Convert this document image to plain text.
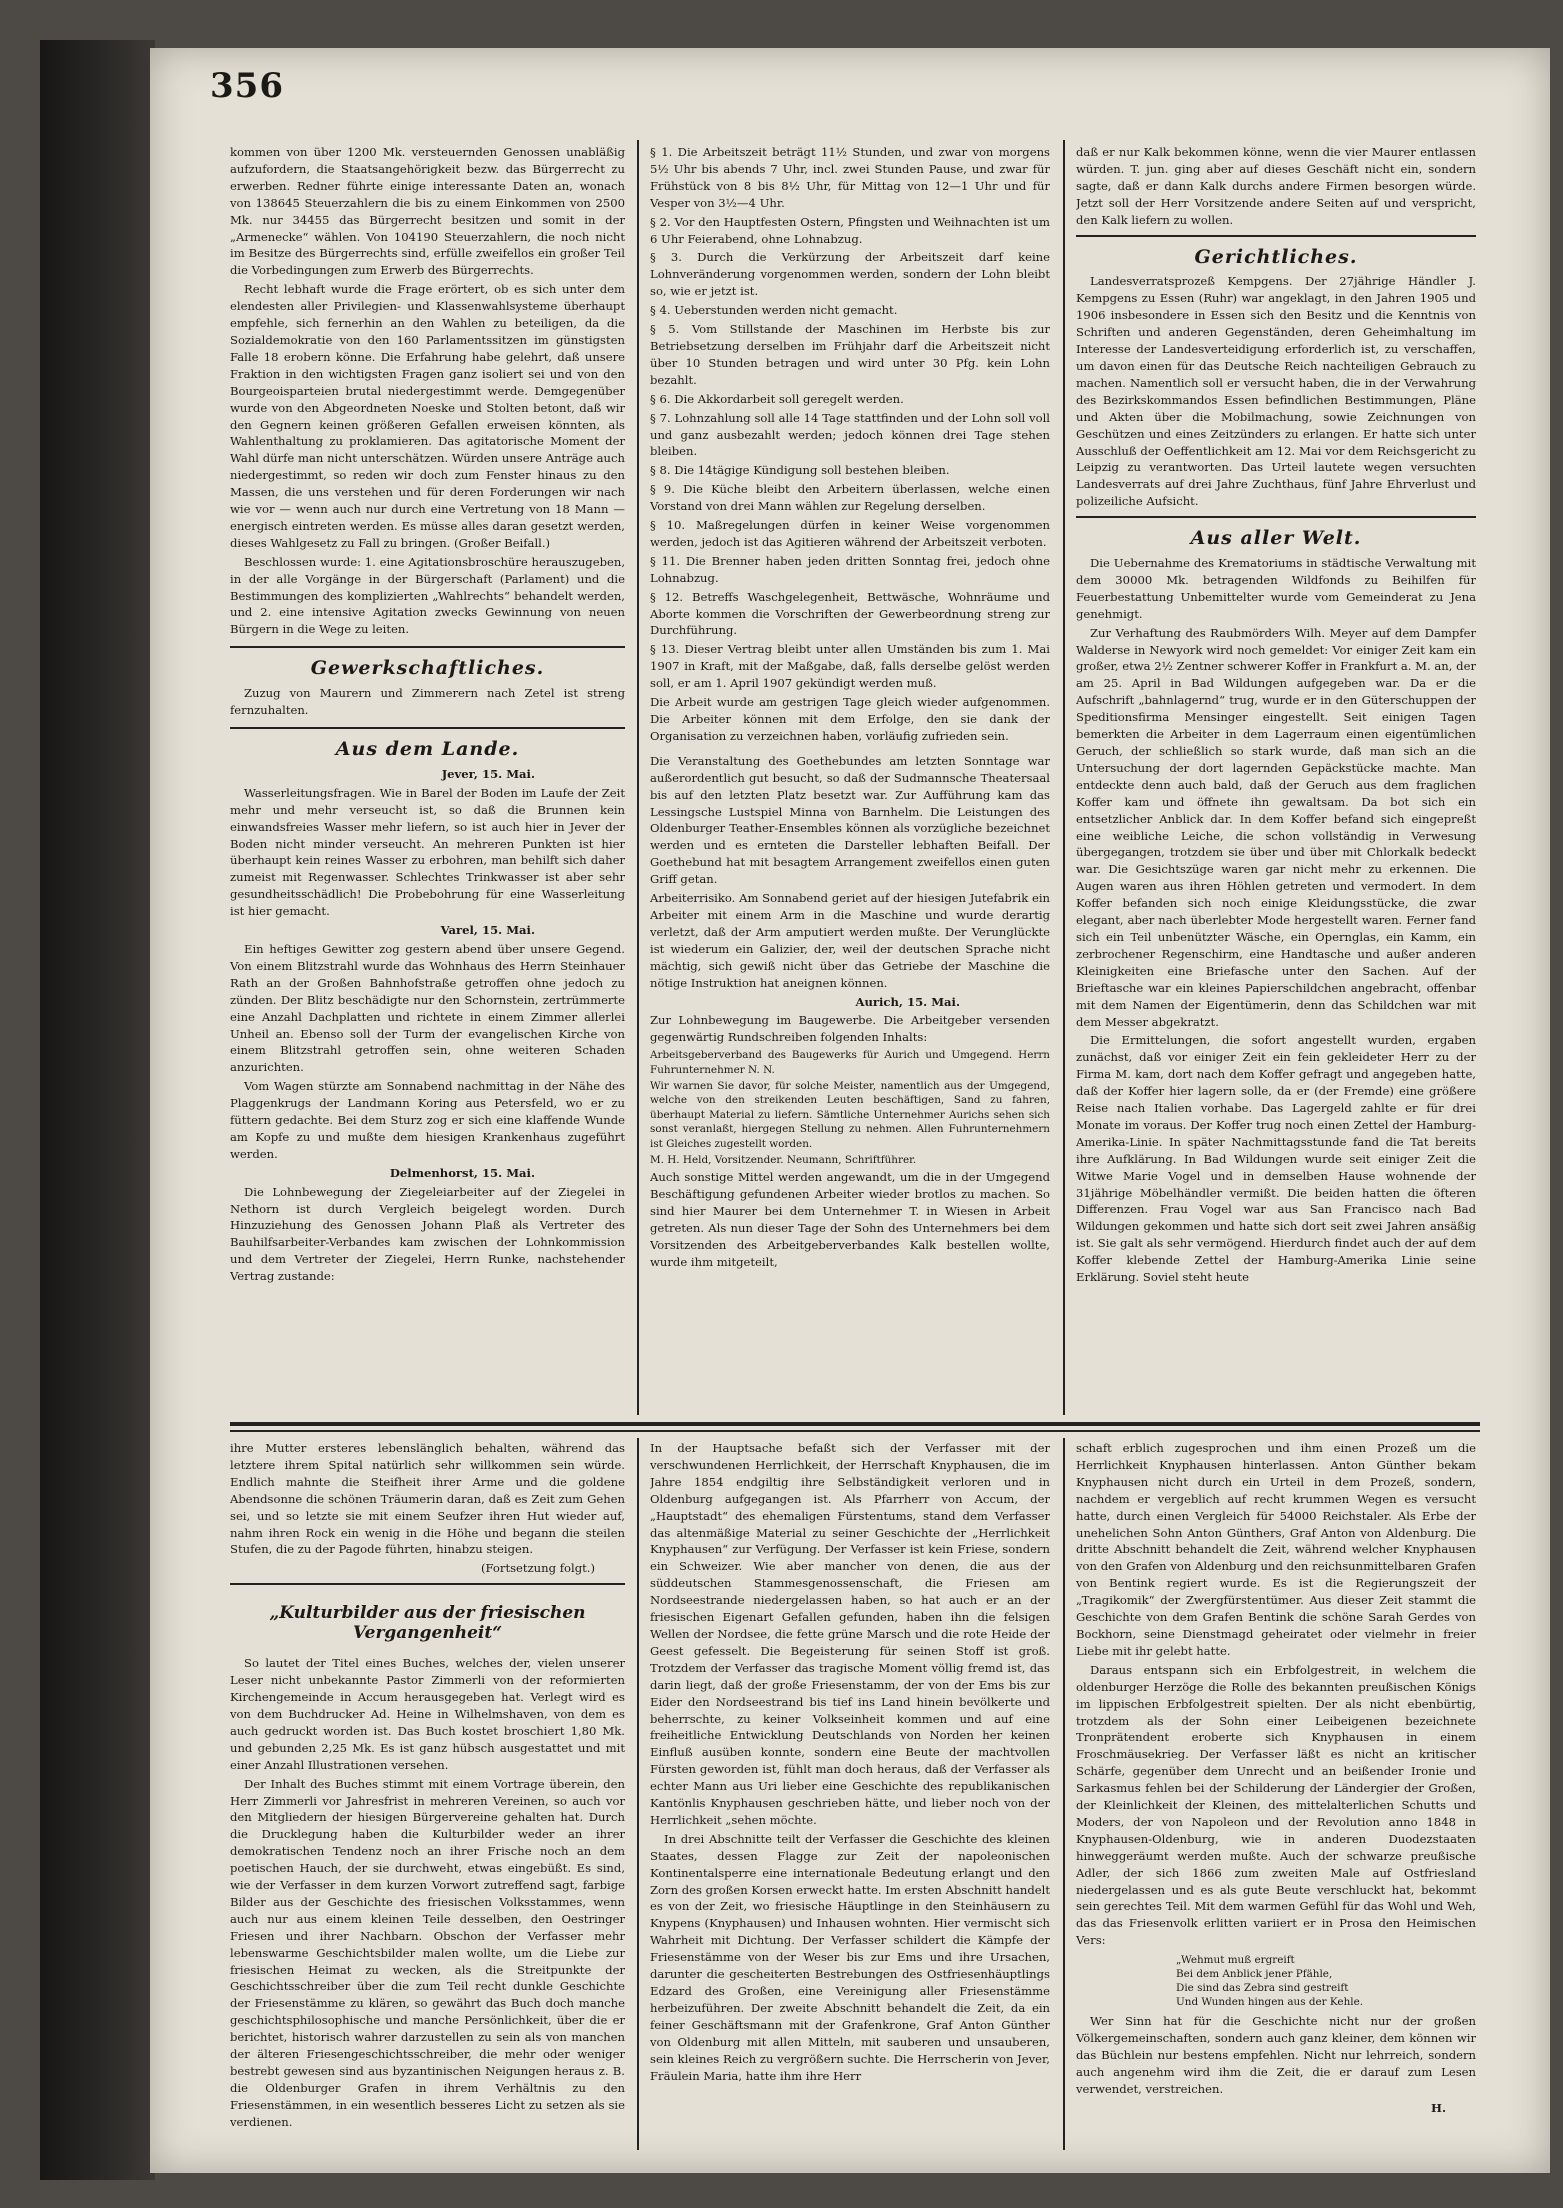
356

kommen von über 1200 Mk. versteuernden Genossen unabläßig aufzufordern, die Staatsangehörigkeit bezw. das Bürgerrecht zu erwerben. Redner führte einige interessante Daten an, wonach von 138645 Steuerzahlern die bis zu einem Einkommen von 2500 Mk. nur 34455 das Bürgerrecht besitzen und somit in der „Armenecke“ wählen. Von 104190 Steuerzahlern, die noch nicht im Besitze des Bürgerrechts sind, erfülle zweifellos ein großer Teil die Vorbedingungen zum Erwerb des Bürgerrechts.

Recht lebhaft wurde die Frage erörtert, ob es sich unter dem elendesten aller Privilegien- und Klassenwahlsysteme überhaupt empfehle, sich fernerhin an den Wahlen zu beteiligen, da die Sozialdemokratie von den 160 Parlamentssitzen im günstigsten Falle 18 erobern könne. Die Erfahrung habe gelehrt, daß unsere Fraktion in den wichtigsten Fragen ganz isoliert sei und von den Bourgeoisparteien brutal niedergestimmt werde. Demgegenüber wurde von den Abgeordneten Noeske und Stolten betont, daß wir den Gegnern keinen größeren Gefallen erweisen könnten, als Wahlenthaltung zu proklamieren. Das agitatorische Moment der Wahl dürfe man nicht unterschätzen. Würden unsere Anträge auch niedergestimmt, so reden wir doch zum Fenster hinaus zu den Massen, die uns verstehen und für deren Forderungen wir nach wie vor — wenn auch nur durch eine Vertretung von 18 Mann — energisch eintreten werden. Es müsse alles daran gesetzt werden, dieses Wahlgesetz zu Fall zu bringen. (Großer Beifall.)

Beschlossen wurde: 1. eine Agitationsbroschüre herauszugeben, in der alle Vorgänge in der Bürgerschaft (Parlament) und die Bestimmungen des komplizierten „Wahlrechts“ behandelt werden, und 2. eine intensive Agitation zwecks Gewinnung von neuen Bürgern in die Wege zu leiten.

Gewerkschaftliches.

Zuzug von Maurern und Zimmerern nach Zetel ist streng fernzuhalten.

Aus dem Lande.
Jever, 15. Mai.

Wasserleitungsfragen. Wie in Barel der Boden im Laufe der Zeit mehr und mehr verseucht ist, so daß die Brunnen kein einwandsfreies Wasser mehr liefern, so ist auch hier in Jever der Boden nicht minder verseucht. An mehreren Punkten ist hier überhaupt kein reines Wasser zu erbohren, man behilft sich daher zumeist mit Regenwasser. Schlechtes Trinkwasser ist aber sehr gesundheitsschädlich! Die Probebohrung für eine Wasserleitung ist hier gemacht.

Varel, 15. Mai.

Ein heftiges Gewitter zog gestern abend über unsere Gegend. Von einem Blitzstrahl wurde das Wohnhaus des Herrn Steinhauer Rath an der Großen Bahnhofstraße getroffen ohne jedoch zu zünden. Der Blitz beschädigte nur den Schornstein, zertrümmerte eine Anzahl Dachplatten und richtete in einem Zimmer allerlei Unheil an. Ebenso soll der Turm der evangelischen Kirche von einem Blitzstrahl getroffen sein, ohne weiteren Schaden anzurichten.

Vom Wagen stürzte am Sonnabend nachmittag in der Nähe des Plaggenkrugs der Landmann Koring aus Petersfeld, wo er zu füttern gedachte. Bei dem Sturz zog er sich eine klaffende Wunde am Kopfe zu und mußte dem hiesigen Krankenhaus zugeführt werden.

Delmenhorst, 15. Mai.

Die Lohnbewegung der Ziegeleiarbeiter auf der Ziegelei in Nethorn ist durch Vergleich beigelegt worden. Durch Hinzuziehung des Genossen Johann Plaß als Vertreter des Bauhilfsarbeiter-Verbandes kam zwischen der Lohnkommission und dem Vertreter der Ziegelei, Herrn Runke, nachstehender Vertrag zustande:

§ 1. Die Arbeitszeit beträgt 11½ Stunden, und zwar von morgens 5½ Uhr bis abends 7 Uhr, incl. zwei Stunden Pause, und zwar für Frühstück von 8 bis 8½ Uhr, für Mittag von 12—1 Uhr und für Vesper von 3½—4 Uhr.

§ 2. Vor den Hauptfesten Ostern, Pfingsten und Weihnachten ist um 6 Uhr Feierabend, ohne Lohnabzug.

§ 3. Durch die Verkürzung der Arbeitszeit darf keine Lohnveränderung vorgenommen werden, sondern der Lohn bleibt so, wie er jetzt ist.

§ 4. Ueberstunden werden nicht gemacht.

§ 5. Vom Stillstande der Maschinen im Herbste bis zur Betriebsetzung derselben im Frühjahr darf die Arbeitszeit nicht über 10 Stunden betragen und wird unter 30 Pfg. kein Lohn bezahlt.

§ 6. Die Akkordarbeit soll geregelt werden.

§ 7. Lohnzahlung soll alle 14 Tage stattfinden und der Lohn soll voll und ganz ausbezahlt werden; jedoch können drei Tage stehen bleiben.

§ 8. Die 14tägige Kündigung soll bestehen bleiben.

§ 9. Die Küche bleibt den Arbeitern überlassen, welche einen Vorstand von drei Mann wählen zur Regelung derselben.

§ 10. Maßregelungen dürfen in keiner Weise vorgenommen werden, jedoch ist das Agitieren während der Arbeitszeit verboten.

§ 11. Die Brenner haben jeden dritten Sonntag frei, jedoch ohne Lohnabzug.

§ 12. Betreffs Waschgelegenheit, Bettwäsche, Wohnräume und Aborte kommen die Vorschriften der Gewerbeordnung streng zur Durchführung.

§ 13. Dieser Vertrag bleibt unter allen Umständen bis zum 1. Mai 1907 in Kraft, mit der Maßgabe, daß, falls derselbe gelöst werden soll, er am 1. April 1907 gekündigt werden muß.

Die Arbeit wurde am gestrigen Tage gleich wieder aufgenommen. Die Arbeiter können mit dem Erfolge, den sie dank der Organisation zu verzeichnen haben, vorläufig zufrieden sein.

Die Veranstaltung des Goethebundes am letzten Sonntage war außerordentlich gut besucht, so daß der Sudmannsche Theatersaal bis auf den letzten Platz besetzt war. Zur Aufführung kam das Lessingsche Lustspiel Minna von Barnhelm. Die Leistungen des Oldenburger Teather-Ensembles können als vorzügliche bezeichnet werden und es ernteten die Darsteller lebhaften Beifall. Der Goethebund hat mit besagtem Arrangement zweifellos einen guten Griff getan.

Arbeiterrisiko. Am Sonnabend geriet auf der hiesigen Jutefabrik ein Arbeiter mit einem Arm in die Maschine und wurde derartig verletzt, daß der Arm amputiert werden mußte. Der Verunglückte ist wiederum ein Galizier, der, weil der deutschen Sprache nicht mächtig, sich gewiß nicht über das Getriebe der Maschine die nötige Instruktion hat aneignen können.

Aurich, 15. Mai.

Zur Lohnbewegung im Baugewerbe. Die Arbeitgeber versenden gegenwärtig Rundschreiben folgenden Inhalts:

Arbeitsgeberverband des Baugewerks für Aurich und Umgegend. Herrn Fuhrunternehmer N. N.

Wir warnen Sie davor, für solche Meister, namentlich aus der Umgegend, welche von den streikenden Leuten beschäftigen, Sand zu fahren, überhaupt Material zu liefern. Sämtliche Unternehmer Aurichs sehen sich sonst veranlaßt, hiergegen Stellung zu nehmen. Allen Fuhrunternehmern ist Gleiches zugestellt worden.

M. H. Held, Vorsitzender. Neumann, Schriftführer.

Auch sonstige Mittel werden angewandt, um die in der Umgegend Beschäftigung gefundenen Arbeiter wieder brotlos zu machen. So sind hier Maurer bei dem Unternehmer T. in Wiesen in Arbeit getreten. Als nun dieser Tage der Sohn des Unternehmers bei dem Vorsitzenden des Arbeitgeberverbandes Kalk bestellen wollte, wurde ihm mitgeteilt,

daß er nur Kalk bekommen könne, wenn die vier Maurer entlassen würden. T. jun. ging aber auf dieses Geschäft nicht ein, sondern sagte, daß er dann Kalk durchs andere Firmen besorgen würde. Jetzt soll der Herr Vorsitzende andere Seiten auf und verspricht, den Kalk liefern zu wollen.

Gerichtliches.

Landesverratsprozeß Kempgens. Der 27jährige Händler J. Kempgens zu Essen (Ruhr) war angeklagt, in den Jahren 1905 und 1906 insbesondere in Essen sich den Besitz und die Kenntnis von Schriften und anderen Gegenständen, deren Geheimhaltung im Interesse der Landesverteidigung erforderlich ist, zu verschaffen, um davon einen für das Deutsche Reich nachteiligen Gebrauch zu machen. Namentlich soll er versucht haben, die in der Verwahrung des Bezirkskommandos Essen befindlichen Bestimmungen, Pläne und Akten über die Mobilmachung, sowie Zeichnungen von Geschützen und eines Zeitzünders zu erlangen. Er hatte sich unter Ausschluß der Oeffentlichkeit am 12. Mai vor dem Reichsgericht zu Leipzig zu verantworten. Das Urteil lautete wegen versuchten Landesverrats auf drei Jahre Zuchthaus, fünf Jahre Ehrverlust und polizeiliche Aufsicht.

Aus aller Welt.

Die Uebernahme des Krematoriums in städtische Verwaltung mit dem 30000 Mk. betragenden Wildfonds zu Beihilfen für Feuerbestattung Unbemittelter wurde vom Gemeinderat zu Jena genehmigt.

Zur Verhaftung des Raubmörders Wilh. Meyer auf dem Dampfer Walderse in Newyork wird noch gemeldet: Vor einiger Zeit kam ein großer, etwa 2½ Zentner schwerer Koffer in Frankfurt a. M. an, der am 25. April in Bad Wildungen aufgegeben war. Da er die Aufschrift „bahnlagernd“ trug, wurde er in den Güterschuppen der Speditionsfirma Mensinger eingestellt. Seit einigen Tagen bemerkten die Arbeiter in dem Lagerraum einen eigentümlichen Geruch, der schließlich so stark wurde, daß man sich an die Untersuchung der dort lagernden Gepäckstücke machte. Man entdeckte denn auch bald, daß der Geruch aus dem fraglichen Koffer kam und öffnete ihn gewaltsam. Da bot sich ein entsetzlicher Anblick dar. In dem Koffer befand sich eingepreßt eine weibliche Leiche, die schon vollständig in Verwesung übergegangen, trotzdem sie über und über mit Chlorkalk bedeckt war. Die Gesichtszüge waren gar nicht mehr zu erkennen. Die Augen waren aus ihren Höhlen getreten und vermodert. In dem Koffer befanden sich noch einige Kleidungsstücke, die zwar elegant, aber nach überlebter Mode hergestellt waren. Ferner fand sich ein Teil unbenützter Wäsche, ein Opernglas, ein Kamm, ein zerbrochener Regenschirm, eine Handtasche und außer anderen Kleinigkeiten eine Briefasche unter den Sachen. Auf der Brieftasche war ein kleines Papierschildchen angebracht, offenbar mit dem Namen der Eigentümerin, denn das Schildchen war mit dem Messer abgekratzt.

Die Ermittelungen, die sofort angestellt wurden, ergaben zunächst, daß vor einiger Zeit ein fein gekleideter Herr zu der Firma M. kam, dort nach dem Koffer gefragt und angegeben hatte, daß der Koffer hier lagern solle, da er (der Fremde) eine größere Reise nach Italien vorhabe. Das Lagergeld zahlte er für drei Monate im voraus. Der Koffer trug noch einen Zettel der Hamburg-Amerika-Linie. In später Nachmittagsstunde fand die Tat bereits ihre Aufklärung. In Bad Wildungen wurde seit einiger Zeit die Witwe Marie Vogel und in demselben Hause wohnende der 31jährige Möbelhändler vermißt. Die beiden hatten die öfteren Differenzen. Frau Vogel war aus San Francisco nach Bad Wildungen gekommen und hatte sich dort seit zwei Jahren ansäßig ist. Sie galt als sehr vermögend. Hierdurch findet auch der auf dem Koffer klebende Zettel der Hamburg-Amerika Linie seine Erklärung. Soviel steht heute

ihre Mutter ersteres lebenslänglich behalten, während das letztere ihrem Spital natürlich sehr willkommen sein würde. Endlich mahnte die Steifheit ihrer Arme und die goldene Abendsonne die schönen Träumerin daran, daß es Zeit zum Gehen sei, und so letzte sie mit einem Seufzer ihren Hut wieder auf, nahm ihren Rock ein wenig in die Höhe und begann die steilen Stufen, die zu der Pagode führten, hinabzu steigen.

(Fortsetzung folgt.)
„Kulturbilder aus der friesischen Vergangenheit“

So lautet der Titel eines Buches, welches der, vielen unserer Leser nicht unbekannte Pastor Zimmerli von der reformierten Kirchengemeinde in Accum herausgegeben hat. Verlegt wird es von dem Buchdrucker Ad. Heine in Wilhelmshaven, von dem es auch gedruckt worden ist. Das Buch kostet broschiert 1,80 Mk. und gebunden 2,25 Mk. Es ist ganz hübsch ausgestattet und mit einer Anzahl Illustrationen versehen.

Der Inhalt des Buches stimmt mit einem Vortrage überein, den Herr Zimmerli vor Jahresfrist in mehreren Vereinen, so auch vor den Mitgliedern der hiesigen Bürgervereine gehalten hat. Durch die Drucklegung haben die Kulturbilder weder an ihrer demokratischen Tendenz noch an ihrer Frische noch an dem poetischen Hauch, der sie durchweht, etwas eingebüßt. Es sind, wie der Verfasser in dem kurzen Vorwort zutreffend sagt, farbige Bilder aus der Geschichte des friesischen Volksstammes, wenn auch nur aus einem kleinen Teile desselben, den Oestringer Friesen und ihrer Nachbarn. Obschon der Verfasser mehr lebenswarme Geschichtsbilder malen wollte, um die Liebe zur friesischen Heimat zu wecken, als die Streitpunkte der Geschichtsschreiber über die zum Teil recht dunkle Geschichte der Friesenstämme zu klären, so gewährt das Buch doch manche geschichtsphilosophische und manche Persönlichkeit, über die er berichtet, historisch wahrer darzustellen zu sein als von manchen der älteren Friesengeschichtsschreiber, die mehr oder weniger bestrebt gewesen sind aus byzantinischen Neigungen heraus z. B. die Oldenburger Grafen in ihrem Verhältnis zu den Friesenstämmen, in ein wesentlich besseres Licht zu setzen als sie verdienen.

In der Hauptsache befaßt sich der Verfasser mit der verschwundenen Herrlichkeit, der Herrschaft Knyphausen, die im Jahre 1854 endgiltig ihre Selbständigkeit verloren und in Oldenburg aufgegangen ist. Als Pfarrherr von Accum, der „Hauptstadt“ des ehemaligen Fürstentums, stand dem Verfasser das altenmäßige Material zu seiner Geschichte der „Herrlichkeit Knyphausen“ zur Verfügung. Der Verfasser ist kein Friese, sondern ein Schweizer. Wie aber mancher von denen, die aus der süddeutschen Stammesgenossenschaft, die Friesen am Nordseestrande niedergelassen haben, so hat auch er an der friesischen Eigenart Gefallen gefunden, haben ihn die felsigen Wellen der Nordsee, die fette grüne Marsch und die rote Heide der Geest gefesselt. Die Begeisterung für seinen Stoff ist groß. Trotzdem der Verfasser das tragische Moment völlig fremd ist, das darin liegt, daß der große Friesenstamm, der von der Ems bis zur Eider den Nordseestrand bis tief ins Land hinein bevölkerte und beherrschte, zu keiner Volkseinheit kommen und auf eine freiheitliche Entwicklung Deutschlands von Norden her keinen Einfluß ausüben konnte, sondern eine Beute der machtvollen Fürsten geworden ist, fühlt man doch heraus, daß der Verfasser als echter Mann aus Uri lieber eine Geschichte des republikanischen Kantönlis Knyphausen geschrieben hätte, und lieber noch von der Herrlichkeit „sehen möchte.

In drei Abschnitte teilt der Verfasser die Geschichte des kleinen Staates, dessen Flagge zur Zeit der napoleonischen Kontinentalsperre eine internationale Bedeutung erlangt und den Zorn des großen Korsen erweckt hatte. Im ersten Abschnitt handelt es von der Zeit, wo friesische Häuptlinge in den Steinhäusern zu Knypens (Knyphausen) und Inhausen wohnten. Hier vermischt sich Wahrheit mit Dichtung. Der Verfasser schildert die Kämpfe der Friesenstämme von der Weser bis zur Ems und ihre Ursachen, darunter die gescheiterten Bestrebungen des Ostfriesenhäuptlings Edzard des Großen, eine Vereinigung aller Friesenstämme herbeizuführen. Der zweite Abschnitt behandelt die Zeit, da ein feiner Geschäftsmann mit der Grafenkrone, Graf Anton Günther von Oldenburg mit allen Mitteln, mit sauberen und unsauberen, sein kleines Reich zu vergrößern suchte. Die Herrscherin von Jever, Fräulein Maria, hatte ihm ihre Herr

schaft erblich zugesprochen und ihm einen Prozeß um die Herrlichkeit Knyphausen hinterlassen. Anton Günther bekam Knyphausen nicht durch ein Urteil in dem Prozeß, sondern, nachdem er vergeblich auf recht krummen Wegen es versucht hatte, durch einen Vergleich für 54000 Reichstaler. Als Erbe der unehelichen Sohn Anton Günthers, Graf Anton von Aldenburg. Die dritte Abschnitt behandelt die Zeit, während welcher Knyphausen von den Grafen von Aldenburg und den reichsunmittelbaren Grafen von Bentink regiert wurde. Es ist die Regierungszeit der „Tragikomik“ der Zwergfürstentümer. Aus dieser Zeit stammt die Geschichte von dem Grafen Bentink die schöne Sarah Gerdes von Bockhorn, seine Dienstmagd geheiratet oder vielmehr in freier Liebe mit ihr gelebt hatte.

Daraus entspann sich ein Erbfolgestreit, in welchem die oldenburger Herzöge die Rolle des bekannten preußischen Königs im lippischen Erbfolgestreit spielten. Der als nicht ebenbürtig, trotzdem als der Sohn einer Leibeigenen bezeichnete Tronprätendent eroberte sich Knyphausen in einem Froschmäusekrieg. Der Verfasser läßt es nicht an kritischer Schärfe, gegenüber dem Unrecht und an beißender Ironie und Sarkasmus fehlen bei der Schilderung der Ländergier der Großen, der Kleinlichkeit der Kleinen, des mittelalterlichen Schutts und Moders, der von Napoleon und der Revolution anno 1848 in Knyphausen-Oldenburg, wie in anderen Duodezstaaten hinweggeräumt werden mußte. Auch der schwarze preußische Adler, der sich 1866 zum zweiten Male auf Ostfriesland niedergelassen und es als gute Beute verschluckt hat, bekommt sein gerechtes Teil. Mit dem warmen Gefühl für das Wohl und Weh, das das Friesenvolk erlitten variiert er in Prosa den Heimischen Vers:

„Wehmut muß ergreift
Bei dem Anblick jener Pfähle,
Die sind das Zebra sind gestreift
Und Wunden hingen aus der Kehle.

Wer Sinn hat für die Geschichte nicht nur der großen Völkergemeinschaften, sondern auch ganz kleiner, dem können wir das Büchlein nur bestens empfehlen. Nicht nur lehrreich, sondern auch angenehm wird ihm die Zeit, die er darauf zum Lesen verwendet, verstreichen.

H.
